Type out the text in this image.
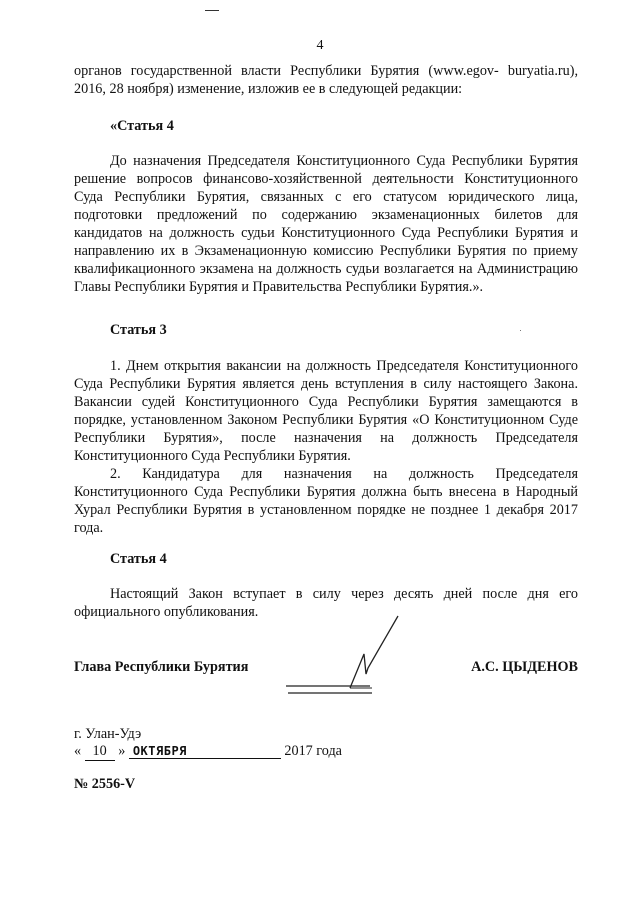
4
органов государственной власти Республики Бурятия (www.egov- buryatia.ru), 2016, 28 ноября) изменение, изложив ее в следующей редакции:
«Статья 4
До назначения Председателя Конституционного Суда Республики Бурятия решение вопросов финансово-хозяйственной деятельности Конституционного Суда Республики Бурятия, связанных с его статусом юридического лица, подготовки предложений по содержанию экзаменационных билетов для кандидатов на должность судьи Конституционного Суда Республики Бурятия и направлению их в Экзаменационную комиссию Республики Бурятия по приему квалификационного экзамена на должность судьи возлагается на Администрацию Главы Республики Бурятия и Правительства Республики Бурятия.».
Статья 3
1. Днем открытия вакансии на должность Председателя Конституционного Суда Республики Бурятия является день вступления в силу настоящего Закона. Вакансии судей Конституционного Суда Республики Бурятия замещаются в порядке, установленном Законом Республики Бурятия «О Конституционном Суде Республики Бурятия», после назначения на должность Председателя Конституционного Суда Республики Бурятия.
2. Кандидатура для назначения на должность Председателя Конституционного Суда Республики Бурятия должна быть внесена в Народный Хурал Республики Бурятия в установленном порядке не позднее 1 декабря 2017 года.
Статья 4
Настоящий Закон вступает в силу через десять дней после дня его официального опубликования.
Глава Республики Бурятия	А.С. ЦЫДЕНОВ
г. Улан-Удэ
« 10 » ОКТЯБРЯ	2017 года
№ 2556-V
